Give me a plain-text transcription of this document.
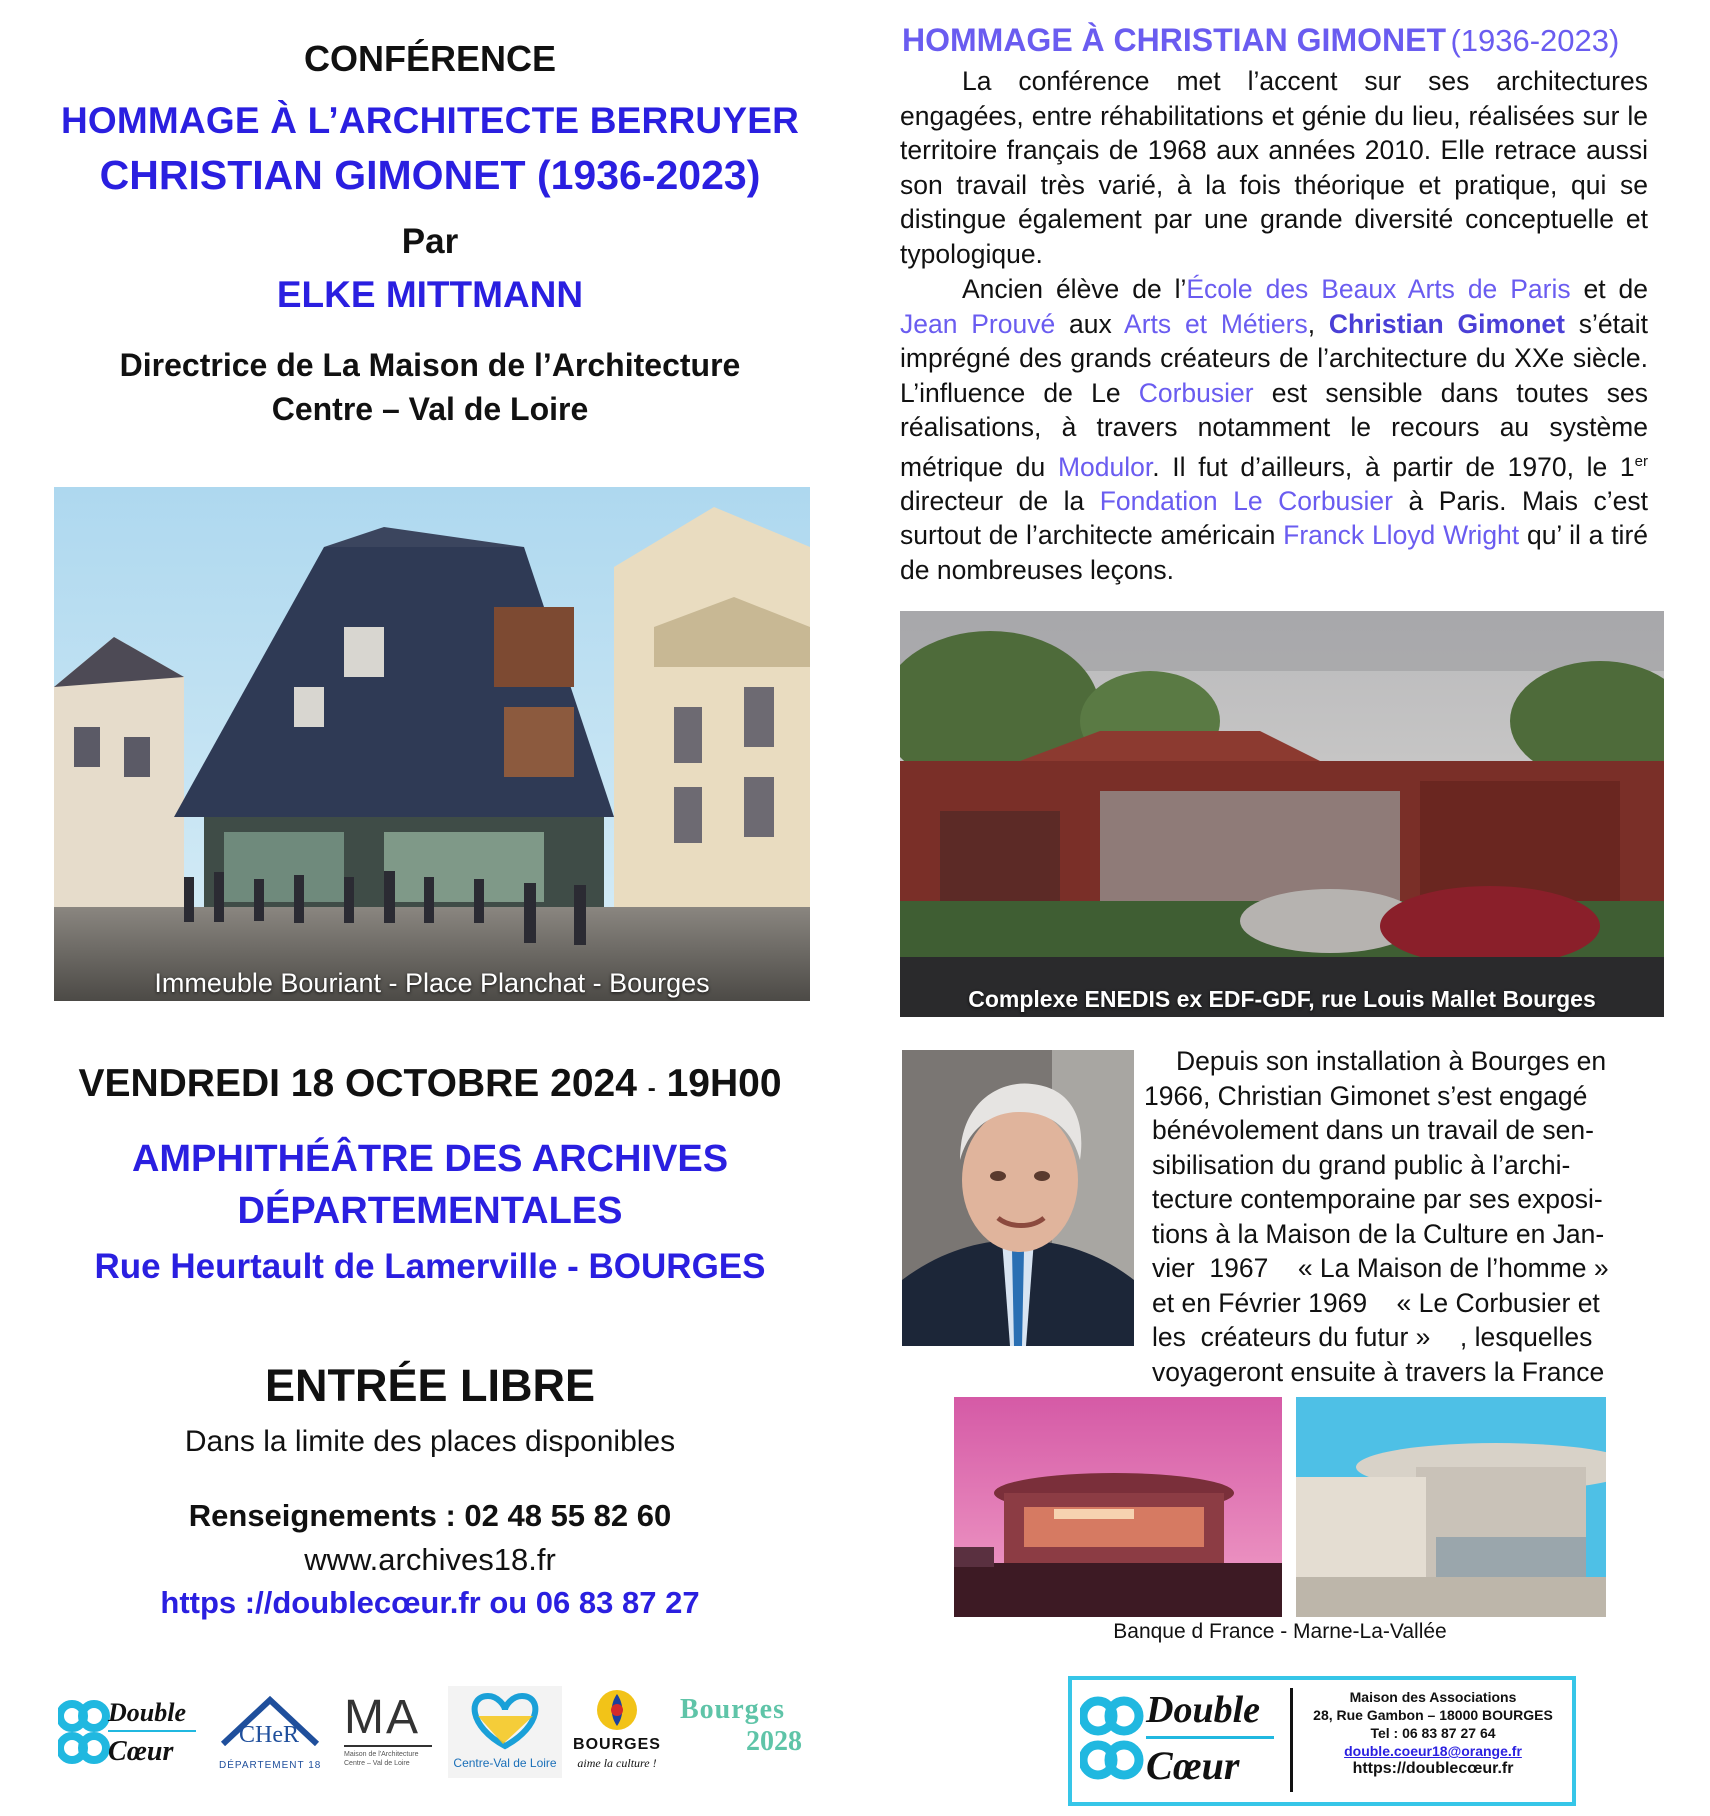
CONFÉRENCE
HOMMAGE À L’ARCHITECTE BERRUYER
CHRISTIAN GIMONET (1936-2023)
Par
ELKE MITTMANN
Directrice de La Maison de l’Architecture
Centre – Val de Loire
Immeuble Bouriant - Place Planchat - Bourges
VENDREDI 18 OCTOBRE 2024 - 19H00
AMPHITHÉÂTRE DES ARCHIVES
DÉPARTEMENTALES
Rue Heurtault de Lamerville - BOURGES
ENTRÉE LIBRE
Dans la limite des places disponibles
Renseignements : 02 48 55 82 60
www.archives18.fr
https ://doublecœur.fr ou 06 83 87 27
Double
Cœur
CHeR
DÉPARTEMENT 18
MA
Maison de l'Architecture Centre – Val de Loire	Centre-Val de Loire
BOURGES
aime la culture !
Bourges
2028
HOMMAGE À CHRISTIAN GIMONET (1936-2023)
La conférence met l’accent sur ses architectures engagées, entre réhabilitations et génie du lieu, réalisées sur le territoire français de 1968 aux années 2010. Elle retrace aussi son travail très varié, à la fois théorique et pratique, qui se distingue également par une grande diversité conceptuelle et typologique.
Ancien élève de l’École des Beaux Arts de Paris et de Jean Prouvé aux Arts et Métiers, Christian Gimonet s’était imprégné des grands créateurs de l’architecture du XXe siècle. L’influence de Le Corbusier est sensible dans toutes ses réalisations, à travers notamment le recours au système métrique du Modulor. Il fut d’ailleurs, à partir de 1970, le 1er directeur de la Fondation Le Corbusier à Paris. Mais c’est surtout de l’architecte américain Franck Lloyd Wright qu’ il a tiré de nombreuses leçons.
Complexe ENEDIS ex EDF-GDF, rue Louis Mallet Bourges
Depuis son installation à Bourges en
1966, Christian Gimonet s’est engagé
bénévolement dans un travail de sen-
sibilisation du grand public à l’archi-
tecture contemporaine par ses exposi-
tions à la Maison de la Culture en Jan-
vier  1967    « La Maison de l’homme »
et en Février 1969    « Le Corbusier et
les  créateurs du futur »    , lesquelles
voyageront ensuite à travers la France
Banque d France - Marne-La-Vallée
Double
Cœur
Maison des Associations
28, Rue Gambon – 18000 BOURGES
Tel : 06 83 87 27 64
double.coeur18@orange.fr
https://doublecœur.fr
